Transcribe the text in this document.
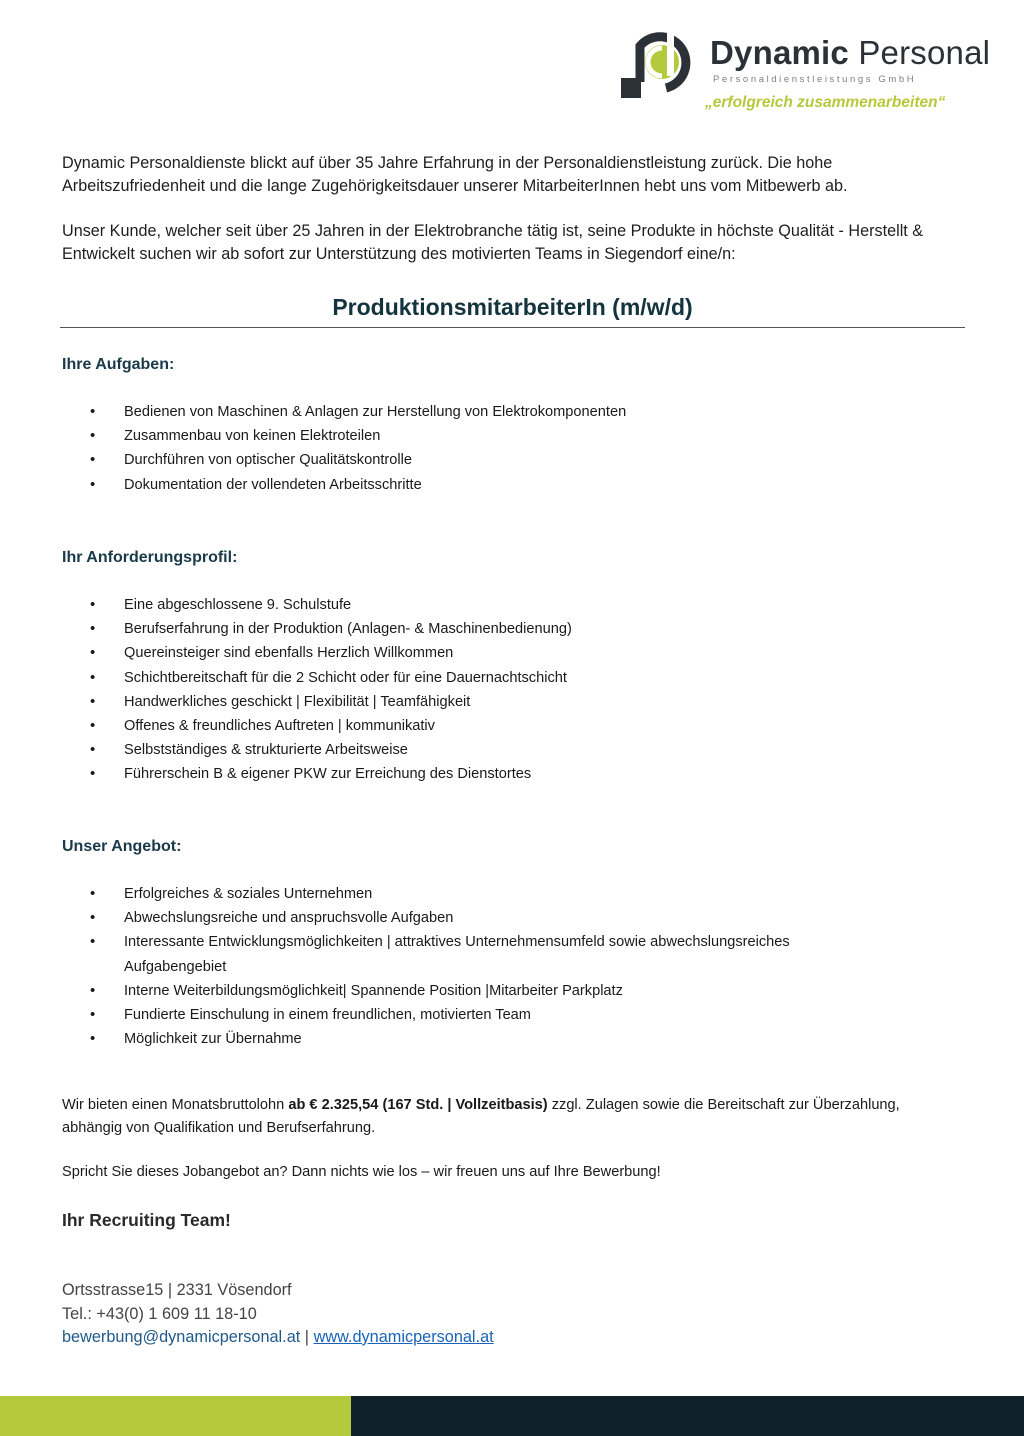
Dynamic Personal
Personaldienstleistungs GmbH
„erfolgreich zusammenarbeiten“

Dynamic Personaldienste blickt auf über 35 Jahre Erfahrung in der Personaldienstleistung zurück. Die hohe Arbeitszufriedenheit und die lange Zugehörigkeitsdauer unserer MitarbeiterInnen hebt uns vom Mitbewerb ab.

Unser Kunde, welcher seit über 25 Jahren in der Elektrobranche tätig ist, seine Produkte in höchste Qualität - Herstellt & Entwickelt suchen wir ab sofort zur Unterstützung des motivierten Teams in Siegendorf eine/n:

ProduktionsmitarbeiterIn (m/w/d)
Ihre Aufgaben:
• Bedienen von Maschinen & Anlagen zur Herstellung von Elektrokomponenten
• Zusammenbau von keinen Elektroteilen
• Durchführen von optischer Qualitätskontrolle
• Dokumentation der vollendeten Arbeitsschritte
Ihr Anforderungsprofil:
• Eine abgeschlossene 9. Schulstufe
• Berufserfahrung in der Produktion (Anlagen- & Maschinenbedienung)
• Quereinsteiger sind ebenfalls Herzlich Willkommen
• Schichtbereitschaft für die 2 Schicht oder für eine Dauernachtschicht
• Handwerkliches geschickt | Flexibilität | Teamfähigkeit
• Offenes & freundliches Auftreten | kommunikativ
• Selbstständiges & strukturierte Arbeitsweise
• Führerschein B & eigener PKW zur Erreichung des Dienstortes
Unser Angebot:
• Erfolgreiches & soziales Unternehmen
• Abwechslungsreiche und anspruchsvolle Aufgaben
• Interessante Entwicklungsmöglichkeiten | attraktives Unternehmensumfeld sowie abwechslungsreiches Aufgabengebiet
• Interne Weiterbildungsmöglichkeit| Spannende Position |Mitarbeiter Parkplatz
• Fundierte Einschulung in einem freundlichen, motivierten Team
• Möglichkeit zur Übernahme
Wir bieten einen Monatsbruttolohn ab € 2.325,54 (167 Std. | Vollzeitbasis) zzgl. Zulagen sowie die Bereitschaft zur Überzahlung, abhängig von Qualifikation und Berufserfahrung.
Spricht Sie dieses Jobangebot an? Dann nichts wie los – wir freuen uns auf Ihre Bewerbung!
Ihr Recruiting Team!
Ortsstrasse15 | 2331 Vösendorf
Tel.: +43(0) 1 609 11 18-10
bewerbung@dynamicpersonal.at | www.dynamicpersonal.at
